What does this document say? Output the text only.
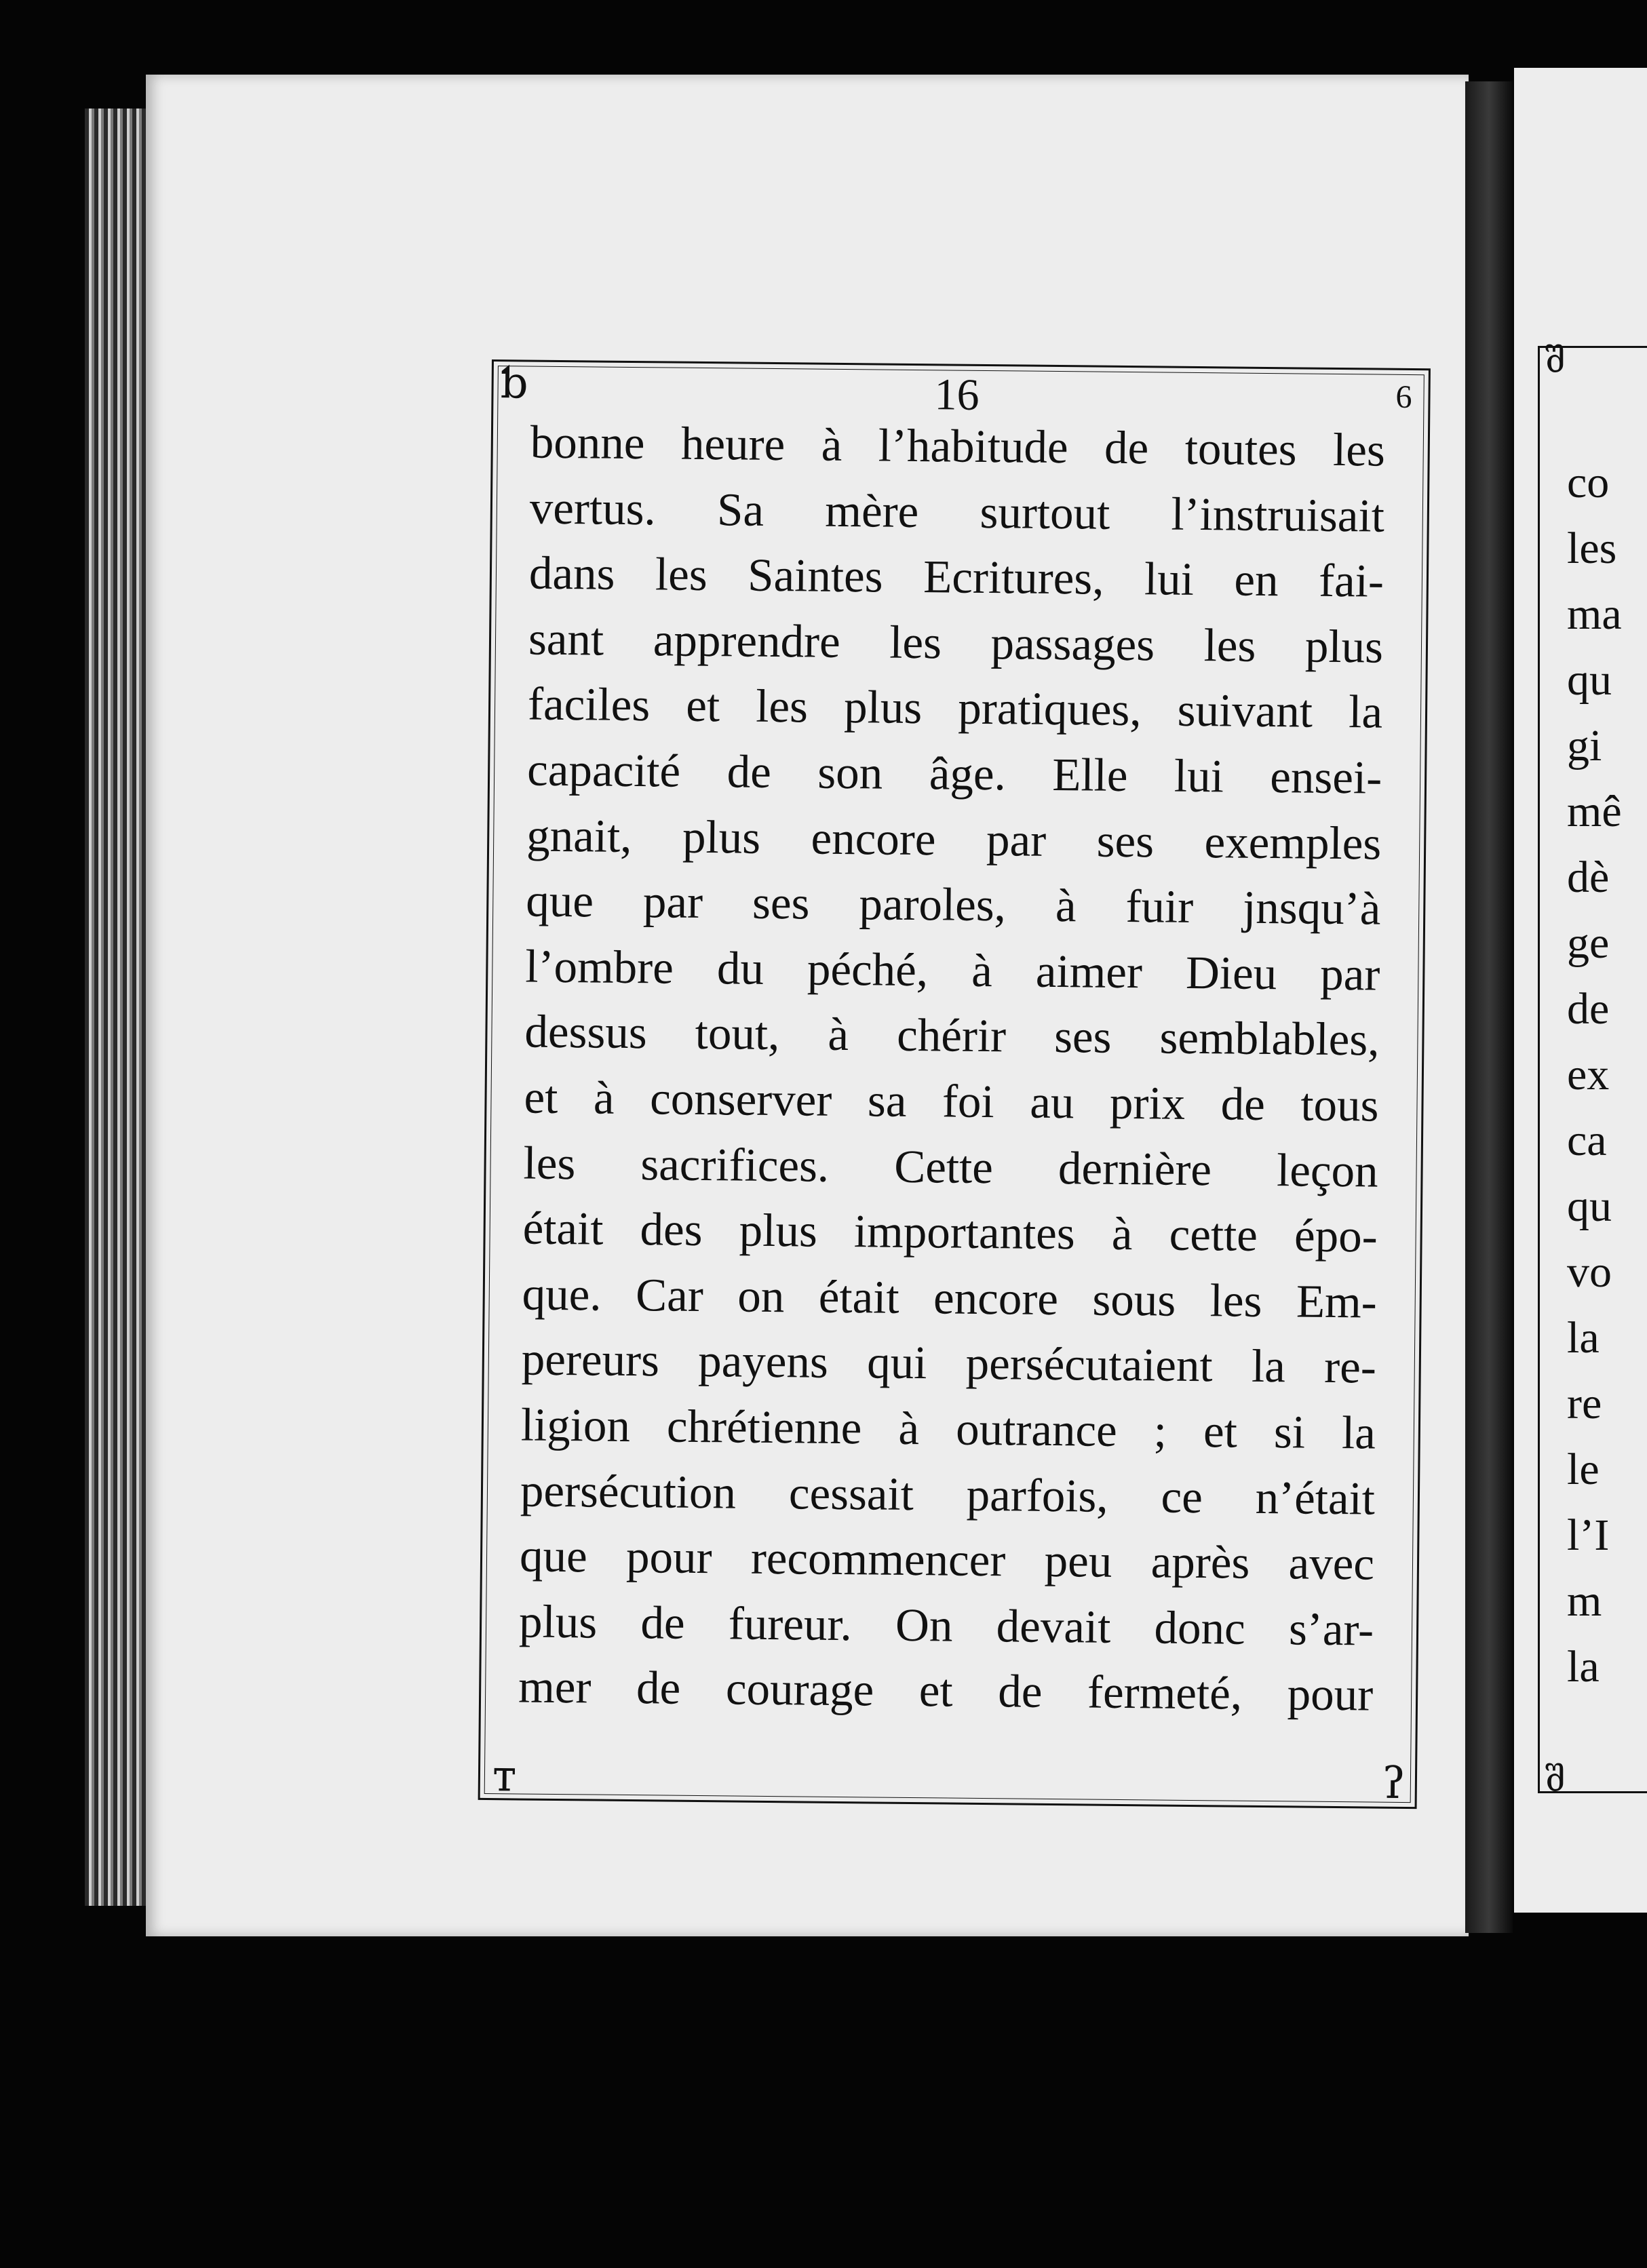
შ
co
les
ma
qu
gi
mê
dè
ge
de
ex
ca
qu
vo
la
re
le
l’I
m
la
შ
ƅ	16	6
bonne heure à l’habitude de toutes les
vertus. Sa mère surtout l’instruisait
dans les Saintes Ecritures, lui en fai-
sant apprendre les passages les plus
faciles et les plus pratiques, suivant la
capacité de son âge. Elle lui ensei-
gnait, plus encore par ses exemples
que par ses paroles, à fuir jnsqu’à
l’ombre du péché, à aimer Dieu par
dessus tout, à chérir ses semblables,
et à conserver sa foi au prix de tous
les sacrifices. Cette dernière leçon
était des plus importantes à cette épo-
que. Car on était encore sous les Em-
pereurs payens qui persécutaient la re-
ligion chrétienne à outrance ; et si la
persécution cessait parfois, ce n’était
que pour recommencer peu après avec
plus de fureur. On devait donc s’ar-
mer de courage et de fermeté, pour
ᴛ	ʔ
